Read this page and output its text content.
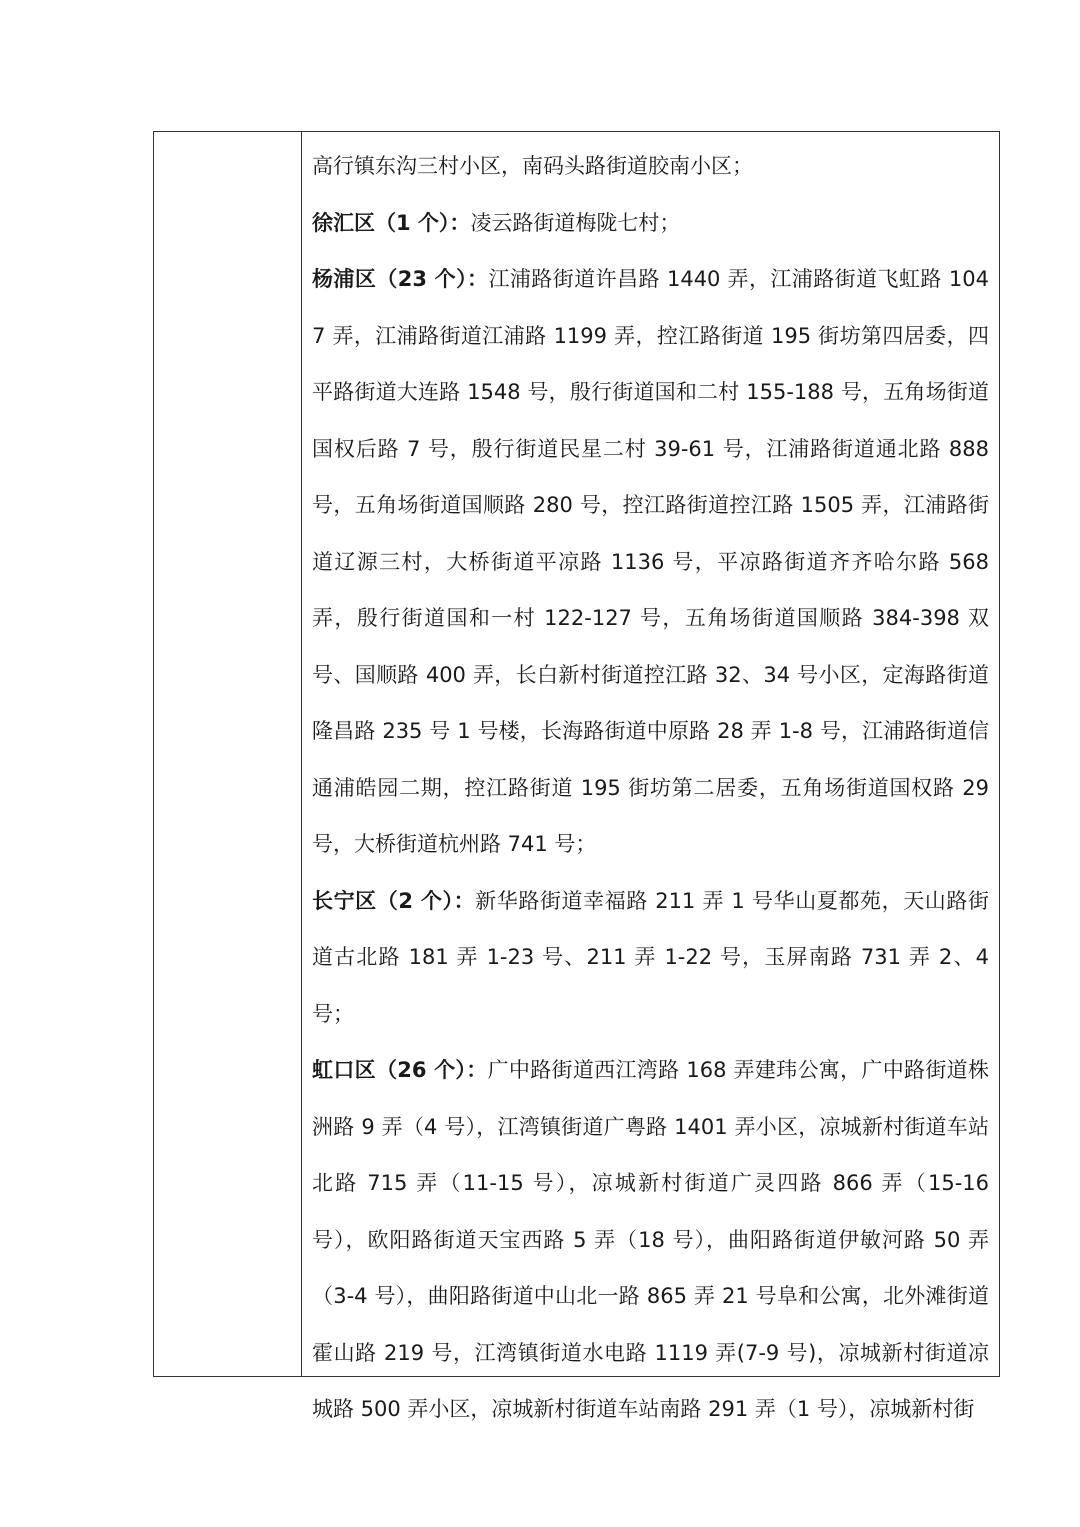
高行镇东沟三村小区，南码头路街道胶南小区；

徐汇区（1 个）：凌云路街道梅陇七村；

杨浦区（23 个）：江浦路街道许昌路 1440 弄，江浦路街道飞虹路 1047 弄，江浦路街道江浦路 1199 弄，控江路街道 195 街坊第四居委，四平路街道大连路 1548 号，殷行街道国和二村 155-188 号，五角场街道国权后路 7 号，殷行街道民星二村 39-61 号，江浦路街道通北路 888 号，五角场街道国顺路 280 号，控江路街道控江路 1505 弄，江浦路街道辽源三村，大桥街道平凉路 1136 号，平凉路街道齐齐哈尔路 568 弄，殷行街道国和一村 122-127 号，五角场街道国顺路 384-398 双号、国顺路 400 弄，长白新村街道控江路 32、34 号小区，定海路街道隆昌路 235 号 1 号楼，长海路街道中原路 28 弄 1-8 号，江浦路街道信通浦皓园二期，控江路街道 195 街坊第二居委，五角场街道国权路 29 号，大桥街道杭州路 741 号；

长宁区（2 个）：新华路街道幸福路 211 弄 1 号华山夏都苑，天山路街道古北路 181 弄 1-23 号、211 弄 1-22 号，玉屏南路 731 弄 2、4 号；

虹口区（26 个）：广中路街道西江湾路 168 弄建玮公寓，广中路街道株洲路 9 弄（4 号），江湾镇街道广粤路 1401 弄小区，凉城新村街道车站北路 715 弄（11-15 号），凉城新村街道广灵四路 866 弄（15-16 号），欧阳路街道天宝西路 5 弄（18 号），曲阳路街道伊敏河路 50 弄（3-4 号），曲阳路街道中山北一路 865 弄 21 号阜和公寓，北外滩街道霍山路 219 号，江湾镇街道水电路 1119 弄(7-9 号)，凉城新村街道凉城路 500 弄小区，凉城新村街道车站南路 291 弄（1 号），凉城新村街
